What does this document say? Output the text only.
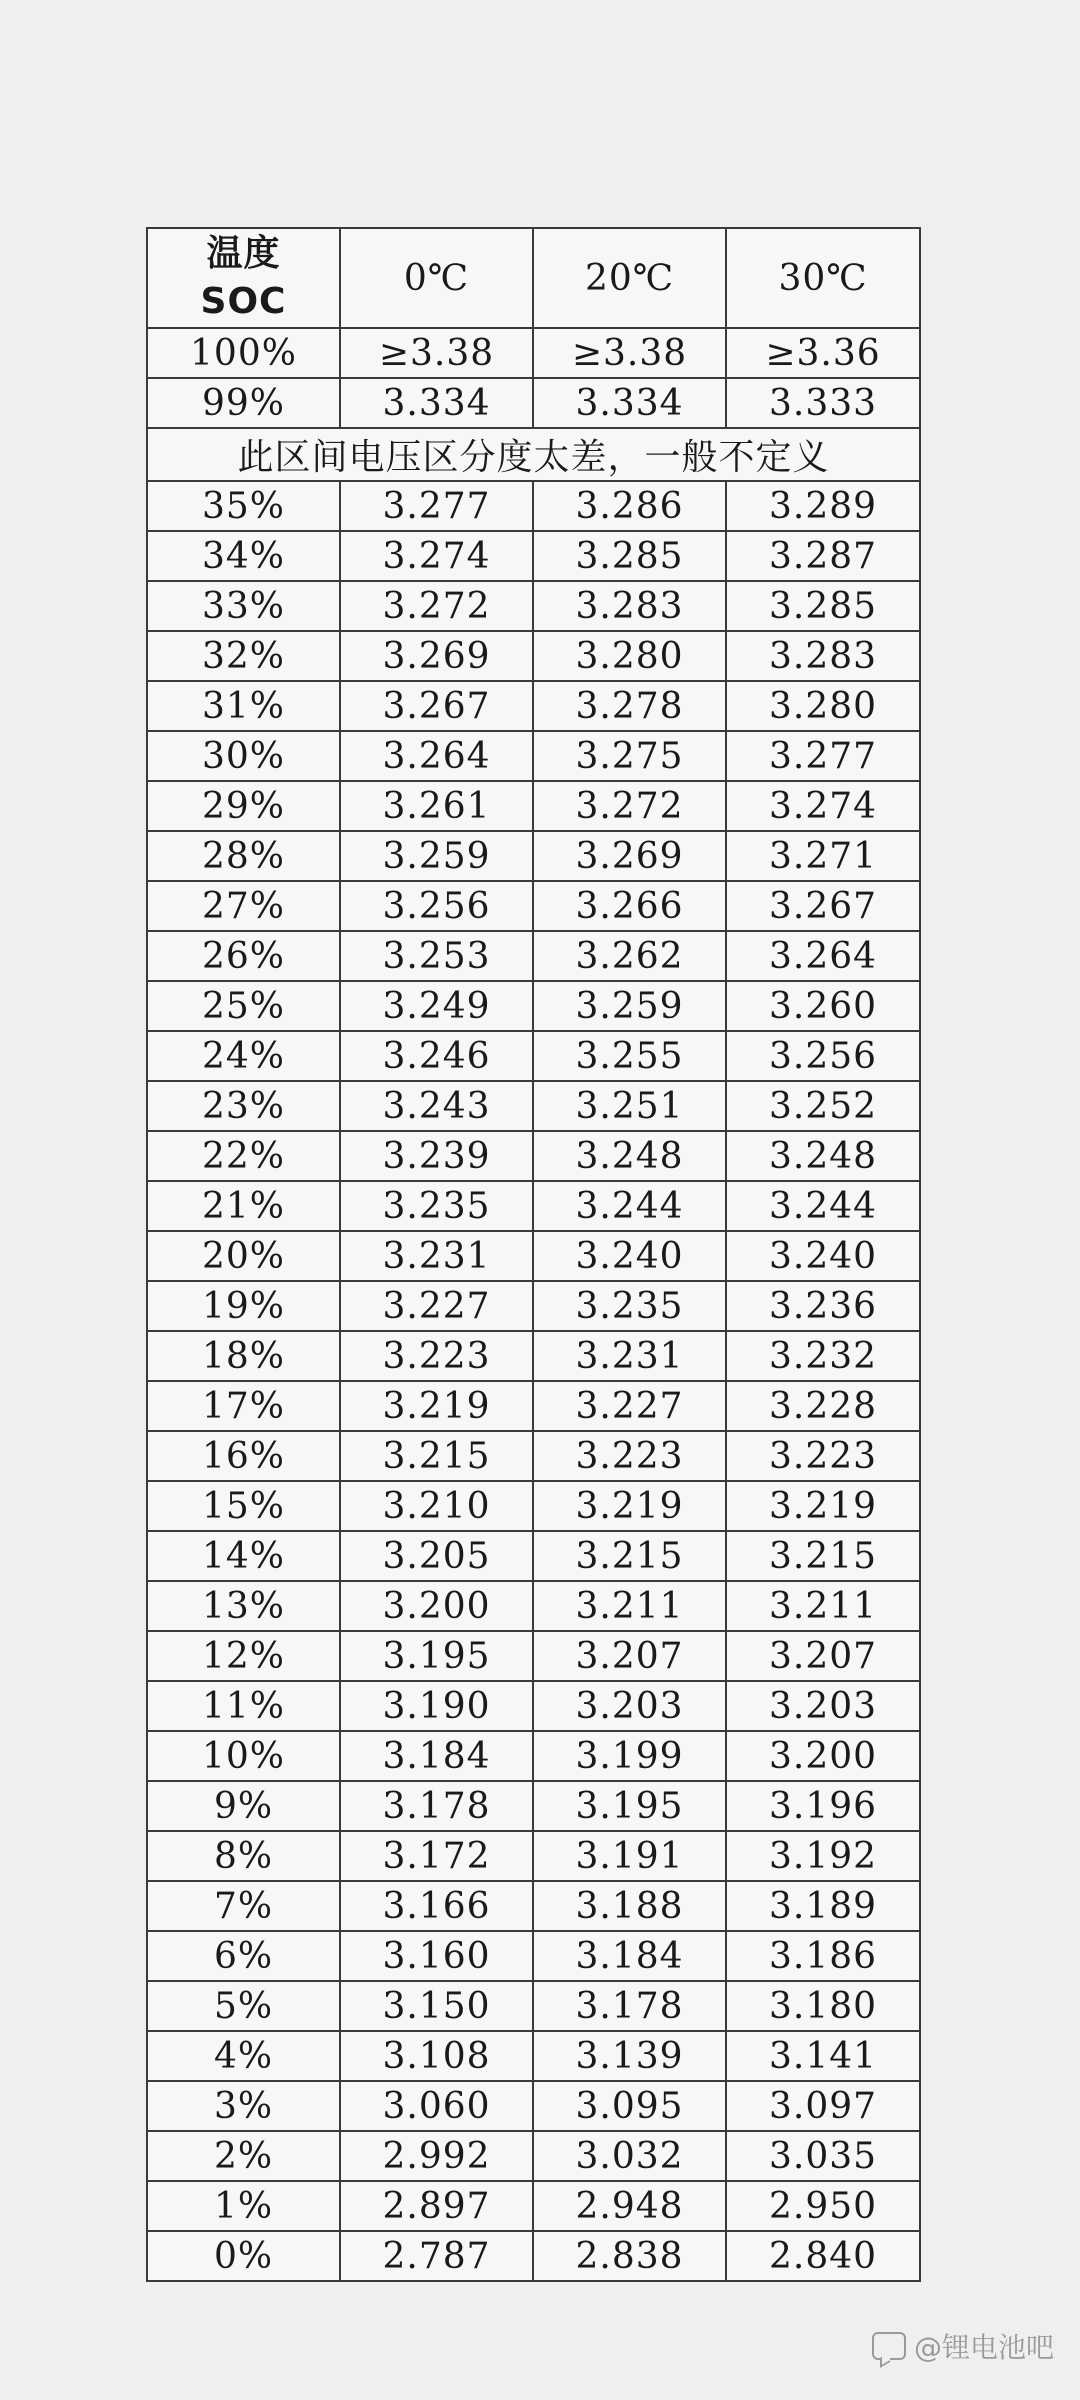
温度
SOC	0℃	20℃	30℃
100%	≥3.38	≥3.38	≥3.36
99%	3.334	3.334	3.333
此区间电压区分度太差，一般不定义			
35%	3.277	3.286	3.289
34%	3.274	3.285	3.287
33%	3.272	3.283	3.285
32%	3.269	3.280	3.283
31%	3.267	3.278	3.280
30%	3.264	3.275	3.277
29%	3.261	3.272	3.274
28%	3.259	3.269	3.271
27%	3.256	3.266	3.267
26%	3.253	3.262	3.264
25%	3.249	3.259	3.260
24%	3.246	3.255	3.256
23%	3.243	3.251	3.252
22%	3.239	3.248	3.248
21%	3.235	3.244	3.244
20%	3.231	3.240	3.240
19%	3.227	3.235	3.236
18%	3.223	3.231	3.232
17%	3.219	3.227	3.228
16%	3.215	3.223	3.223
15%	3.210	3.219	3.219
14%	3.205	3.215	3.215
13%	3.200	3.211	3.211
12%	3.195	3.207	3.207
11%	3.190	3.203	3.203
10%	3.184	3.199	3.200
9%	3.178	3.195	3.196
8%	3.172	3.191	3.192
7%	3.166	3.188	3.189
6%	3.160	3.184	3.186
5%	3.150	3.178	3.180
4%	3.108	3.139	3.141
3%	3.060	3.095	3.097
2%	2.992	3.032	3.035
1%	2.897	2.948	2.950
0%	2.787	2.838	2.840
@锂电池吧
